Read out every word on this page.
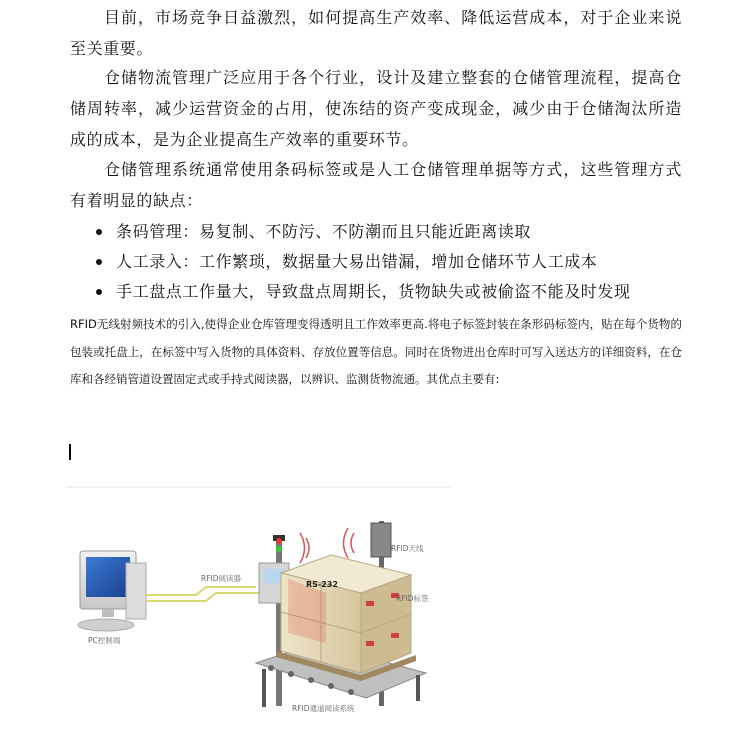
目前，市场竞争日益激烈，如何提高生产效率、降低运营成本，对于企业来说至关重要。

仓储物流管理广泛应用于各个行业，设计及建立整套的仓储管理流程，提高仓储周转率，减少运营资金的占用，使冻结的资产变成现金，减少由于仓储淘汰所造成的成本，是为企业提高生产效率的重要环节。

仓储管理系统通常使用条码标签或是人工仓储管理单据等方式，这些管理方式有着明显的缺点：

条码管理：易复制、不防污、不防潮而且只能近距离读取
人工录入：工作繁琐，数据量大易出错漏，增加仓储环节人工成本
手工盘点工作量大，导致盘点周期长，货物缺失或被偷盗不能及时发现

RFID无线射频技术的引入,使得企业仓库管理变得透明且工作效率更高.将电子标签封装在条形码标签内，贴在每个货物的包装或托盘上，在标签中写入货物的具体资料、存放位置等信息。同时在货物进出仓库时可写入送达方的详细资料，在仓库和各经销管道设置固定式或手持式阅读器，以辨识、监测货物流通。其优点主要有:

PC控制端
RFID阅读器
RFID天线
RS-232
RFID标签
RFID通道阅读系统
